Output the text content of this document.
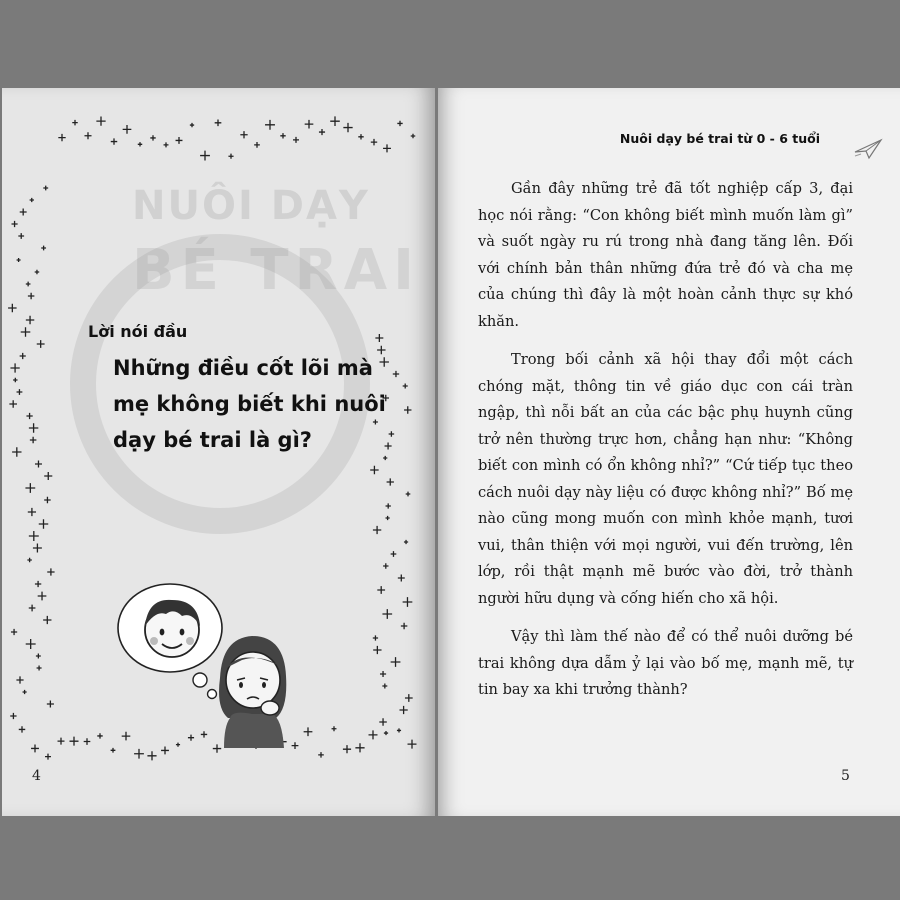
NUÔI DẠY
BÉ TRAI
Lời nói đầu
Những điều cốt lõi mà
mẹ không biết khi nuôi
dạy bé trai là gì?
4
Nuôi dạy bé trai từ 0 - 6 tuổi

Gần đây những trẻ đã tốt nghiệp cấp 3, đại học nói rằng: “Con không biết mình muốn làm gì” và suốt ngày ru rú trong nhà đang tăng lên. Đối với chính bản thân những đứa trẻ đó và cha mẹ của chúng thì đây là một hoàn cảnh thực sự khó khăn.

Trong bối cảnh xã hội thay đổi một cách chóng mặt, thông tin về giáo dục con cái tràn ngập, thì nỗi bất an của các bậc phụ huynh cũng trở nên thường trực hơn, chẳng hạn như: “Không biết con mình có ổn không nhỉ?” “Cứ tiếp tục theo cách nuôi dạy này liệu có được không nhỉ?” Bố mẹ nào cũng mong muốn con mình khỏe mạnh, tươi vui, thân thiện với mọi người, vui đến trường, lên lớp, rồi thật mạnh mẽ bước vào đời, trở thành người hữu dụng và cống hiến cho xã hội.

Vậy thì làm thế nào để có thể nuôi dưỡng bé trai không dựa dẫm ỷ lại vào bố mẹ, mạnh mẽ, tự tin bay xa khi trưởng thành?

5
